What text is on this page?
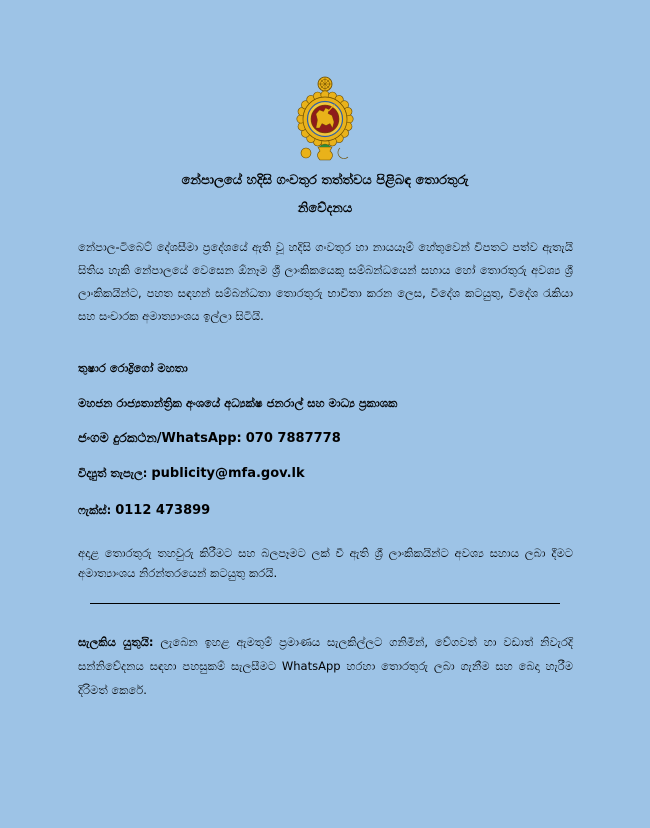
නේපාලයේ හදිසි ගංවතුර තත්ත්වය පිළිබඳ තොරතුරු
නිවේදනය
නේපාල-ටිබෙට් දේශසීමා ප්‍රදේශයේ ඇති වූ හදිසි ගංවතුර හා නායයෑම් හේතුවෙන් විපතට පත්ව ඇතැයි සිතිය හැකි නේපාලයේ වෙසෙන ඕනෑම ශ්‍රී ලාංකිකයෙකු සම්බන්ධයෙන් සහාය හෝ තොරතුරු අවශ්‍ය ශ්‍රී ලාංකිකයින්ට, පහත සඳහන් සම්බන්ධතා තොරතුරු භාවිතා කරන ලෙස, විදේශ කටයුතු, විදේශ රැකියා සහ සංචාරක අමාත්‍යාංශය ඉල්ලා සිටියි.
තුෂාර රොද්‍රිගෝ මහතා
මහජන රාජ්‍යතාන්ත්‍රික අංශයේ අධ්‍යක්ෂ ජනරාල් සහ මාධ්‍ය ප්‍රකාශක
ජංගම දුරකථන/WhatsApp: 070 7887778
විද්‍යුත් තැපැල: publicity@mfa.gov.lk
ෆැක්ස්: 0112 473899
අදාළ තොරතුරු තහවුරු කිරීමට සහ බලපෑමට ලක් වී ඇති ශ්‍රී ලාංකිකයින්ට අවශ්‍ය සහාය ලබා දීමට අමාත්‍යාංශය නිරන්තරයෙන් කටයුතු කරයි.
සැලකිය යුතුයි: ලැබෙන ඉහළ ඇමතුම් ප්‍රමාණය සැලකිල්ලට ගනිමින්, වේගවත් හා වඩාත් නිවැරදි සන්නිවේදනය සඳහා පහසුකම් සැලසීමට WhatsApp හරහා තොරතුරු ලබා ගැනීම සහ බෙදා හැරීම දිරිමත් කෙරේ.
